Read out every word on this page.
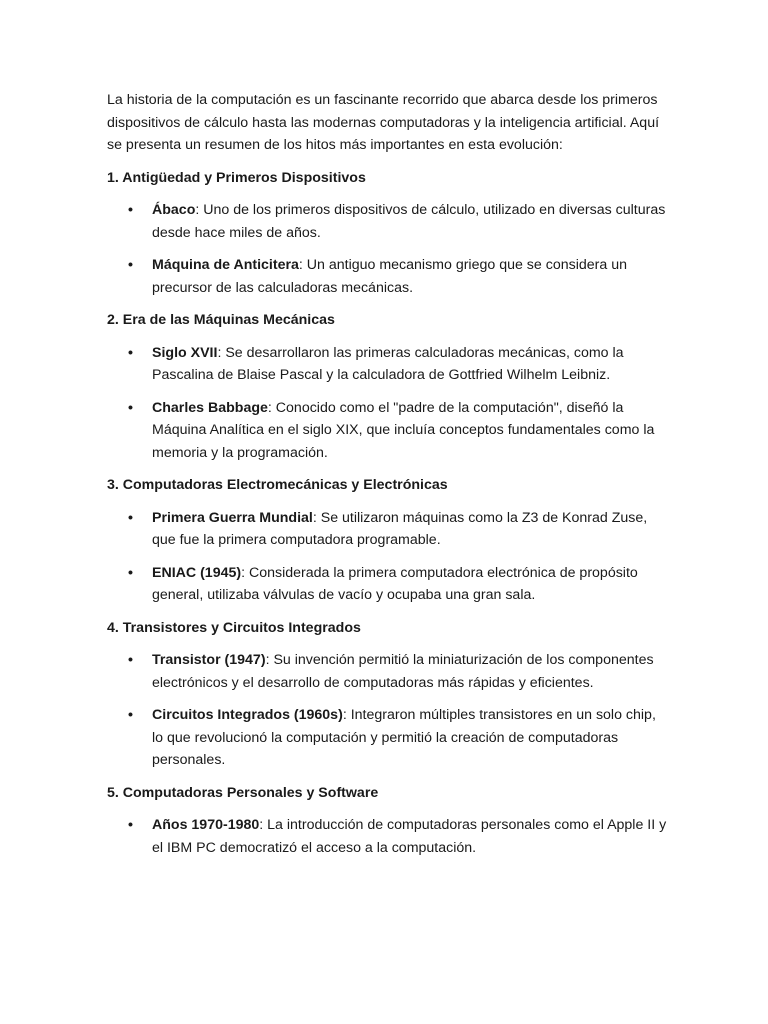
La historia de la computación es un fascinante recorrido que abarca desde los primeros dispositivos de cálculo hasta las modernas computadoras y la inteligencia artificial. Aquí se presenta un resumen de los hitos más importantes en esta evolución:

1. Antigüedad y Primeros Dispositivos

• Ábaco: Uno de los primeros dispositivos de cálculo, utilizado en diversas culturas desde hace miles de años.
• Máquina de Anticitera: Un antiguo mecanismo griego que se considera un precursor de las calculadoras mecánicas.

2. Era de las Máquinas Mecánicas

• Siglo XVII: Se desarrollaron las primeras calculadoras mecánicas, como la Pascalina de Blaise Pascal y la calculadora de Gottfried Wilhelm Leibniz.
• Charles Babbage: Conocido como el "padre de la computación", diseñó la Máquina Analítica en el siglo XIX, que incluía conceptos fundamentales como la memoria y la programación.

3. Computadoras Electromecánicas y Electrónicas

• Primera Guerra Mundial: Se utilizaron máquinas como la Z3 de Konrad Zuse, que fue la primera computadora programable.
• ENIAC (1945): Considerada la primera computadora electrónica de propósito general, utilizaba válvulas de vacío y ocupaba una gran sala.

4. Transistores y Circuitos Integrados

• Transistor (1947): Su invención permitió la miniaturización de los componentes electrónicos y el desarrollo de computadoras más rápidas y eficientes.
• Circuitos Integrados (1960s): Integraron múltiples transistores en un solo chip, lo que revolucionó la computación y permitió la creación de computadoras personales.

5. Computadoras Personales y Software

• Años 1970-1980: La introducción de computadoras personales como el Apple II y el IBM PC democratizó el acceso a la computación.
